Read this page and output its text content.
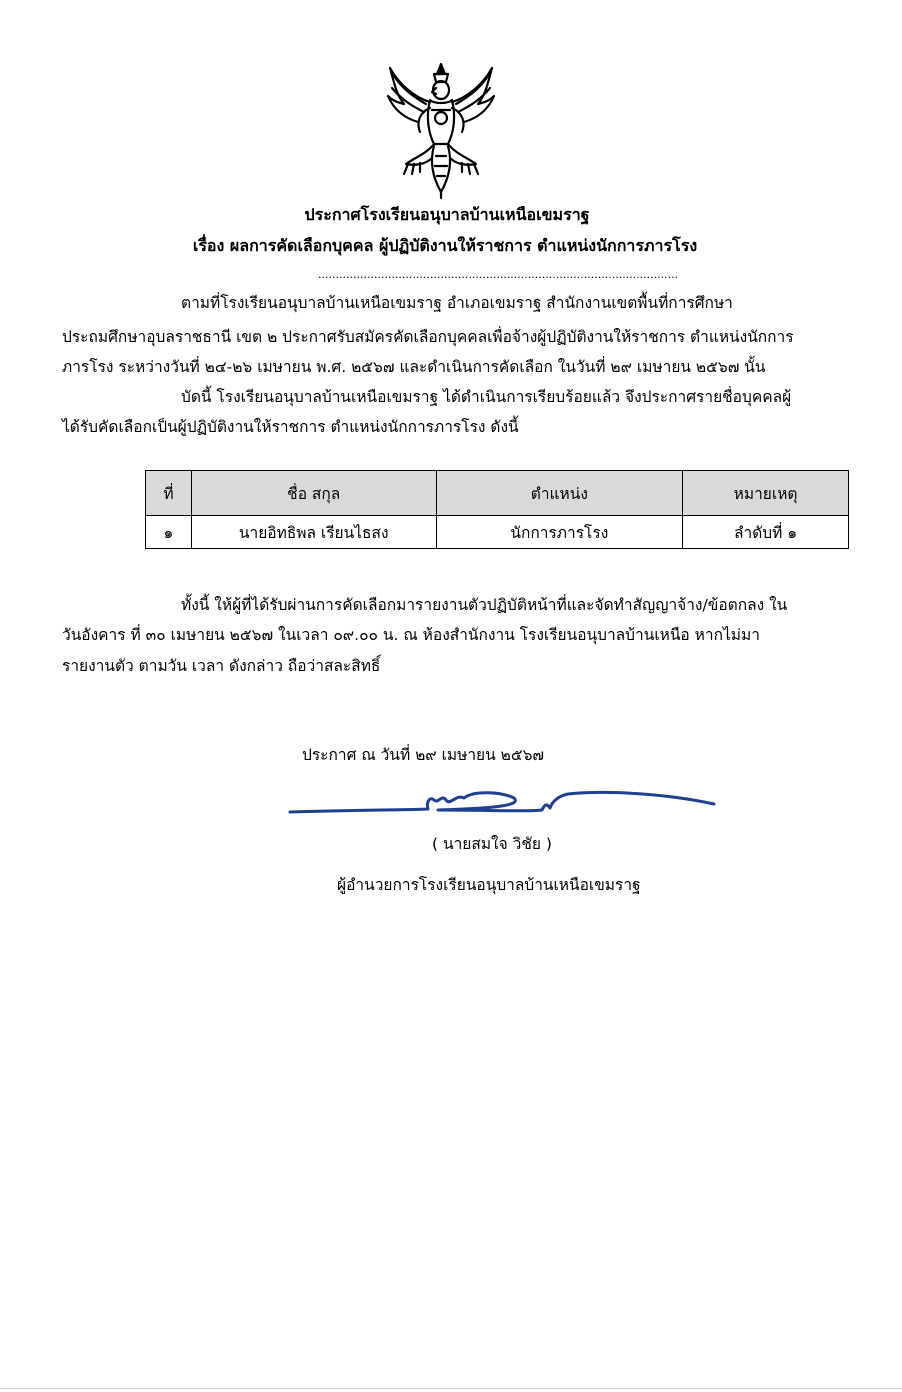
ประกาศโรงเรียนอนุบาลบ้านเหนือเขมราฐ
เรื่อง ผลการคัดเลือกบุคคล ผู้ปฏิบัติงานให้ราชการ ตำแหน่งนักการภารโรง
.......................................................................................................
ตามที่โรงเรียนอนุบาลบ้านเหนือเขมราฐ อำเภอเขมราฐ สำนักงานเขตพื้นที่การศึกษา
ประถมศึกษาอุบลราชธานี เขต ๒ ประกาศรับสมัครคัดเลือกบุคคลเพื่อจ้างผู้ปฏิบัติงานให้ราชการ ตำแหน่งนักการ
ภารโรง ระหว่างวันที่ ๒๔-๒๖ เมษายน พ.ศ. ๒๕๖๗ และดำเนินการคัดเลือก ในวันที่ ๒๙ เมษายน ๒๕๖๗ นั้น
บัดนี้ โรงเรียนอนุบาลบ้านเหนือเขมราฐ ได้ดำเนินการเรียบร้อยแล้ว จึงประกาศรายชื่อบุคคลผู้
ได้รับคัดเลือกเป็นผู้ปฏิบัติงานให้ราชการ ตำแหน่งนักการภารโรง ดังนี้
ที่	ชื่อ สกุล	ตำแหน่ง	หมายเหตุ
๑	นายอิทธิพล เรียนไธสง	นักการภารโรง	ลำดับที่ ๑
ทั้งนี้ ให้ผู้ที่ได้รับผ่านการคัดเลือกมารายงานตัวปฏิบัติหน้าที่และจัดทำสัญญาจ้าง/ข้อตกลง ใน
วันอังคาร ที่ ๓๐ เมษายน ๒๕๖๗ ในเวลา ๐๙.๐๐ น. ณ ห้องสำนักงาน โรงเรียนอนุบาลบ้านเหนือ หากไม่มา
รายงานตัว ตามวัน เวลา ดังกล่าว ถือว่าสละสิทธิ์
ประกาศ ณ วันที่ ๒๙ เมษายน ๒๕๖๗
( นายสมใจ วิชัย )
ผู้อำนวยการโรงเรียนอนุบาลบ้านเหนือเขมราฐ
